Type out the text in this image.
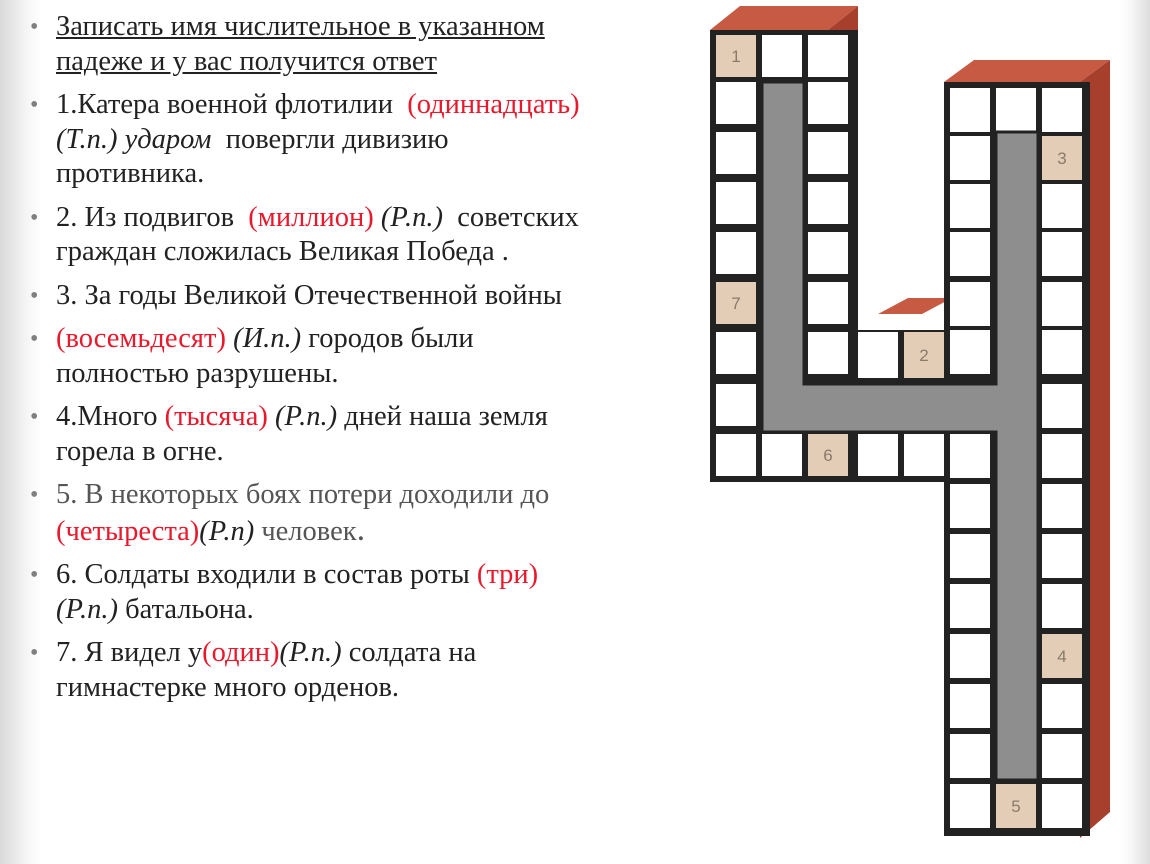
• Записать имя числительное в указанном
падеже и у вас получится ответ
• 1.Катера военной флотилии (одиннадцать)
(Т.п.) ударом повергли дивизию
противника.
• 2. Из подвигов (миллион) (Р.п.) советских
граждан сложилась Великая Победа .
• 3. За годы Великой Отечественной войны
• (восемьдесят) (И.п.) городов были
полностью разрушены.
• 4.Много (тысяча) (Р.п.) дней наша земля
горела в огне.
• 5. В некоторых боях потери доходили до
(четыреста)(Р.п) человек.
• 6. Солдаты входили в состав роты (три)
(Р.п.) батальона.
• 7. Я видел у(один)(Р.п.) солдата на
гимнастерке много орденов.
1
7
6
2
3
4
5
